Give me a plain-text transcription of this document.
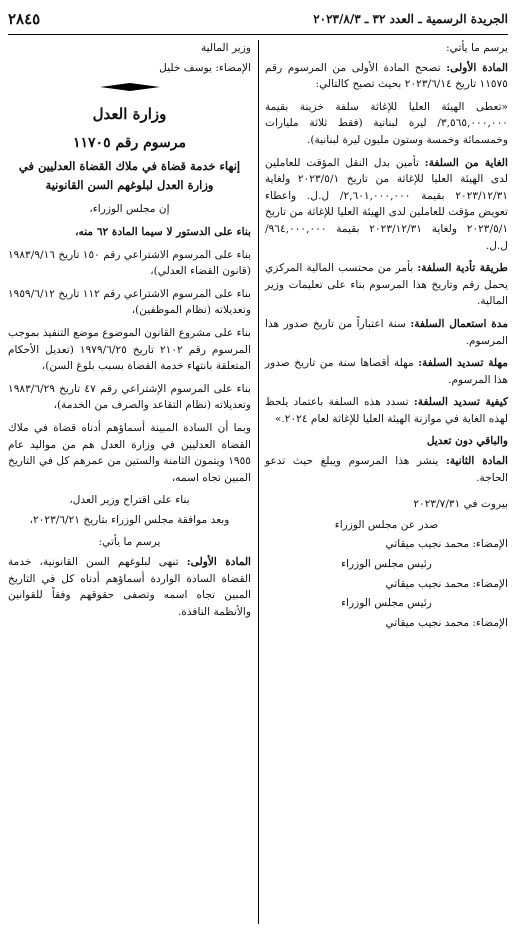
الجريدة الرسمية ـ العدد ٣٢ ـ ٢٠٢٣/٨/٣
٢٨٤٥

يرسم ما يأتي:

المادة الأولى: تصحح المادة الأولى من المرسوم رقم ١١٥٧٥ تاريخ ٢٠٢٣/٦/١٤ بحيث تصبح كالتالي:

«تعطى الهيئة العليا للإغاثة سلفة خزينة بقيمة ٣,٥٦٥,٠٠٠,٠٠٠/ ليرة لبنانية (فقط ثلاثة مليارات وخمسمائة وخمسة وستون مليون ليرة لبنانية).

الغاية من السلفة: تأمين بدل النقل المؤقت للعاملين لدى الهيئة العليا للإغاثة من تاريخ ٢٠٢٣/٥/١ ولغاية ٢٠٢٣/١٢/٣١ بقيمة ٢,٦٠١,٠٠٠,٠٠٠/ ل.ل. واعطاء تعويض مؤقت للعاملين لدى الهيئة العليا للإغاثة من تاريخ ٢٠٢٣/٥/١ ولغاية ٢٠٢٣/١٢/٣١ بقيمة ٩٦٤,٠٠٠,٠٠٠/ ل.ل.

طريقة تأدية السلفة: بأمر من محتسب المالية المركزي يحمل رقم وتاريخ هذا المرسوم بناء على تعليمات وزير المالية.

مدة استعمال السلفة: سنة اعتباراً من تاريخ صدور هذا المرسوم.

مهلة تسديد السلفة: مهلة أقصاها سنة من تاريخ صدور هذا المرسوم.

كيفية تسديد السلفة: تسدد هذه السلفة باعتماد يلحظ لهذه الغاية في موازنة الهيئة العليا للإغاثة لعام ٢٠٢٤.»

والباقي دون تعديل

المادة الثانية: ينشر هذا المرسوم ويبلغ حيث تدعو الحاجة.

بيروت في ٢٠٢٣/٧/٣١

صدر عن مجلس الوزراء

الإمضاء: محمد نجيب ميقاتي

رئيس مجلس الوزراء

الإمضاء: محمد نجيب ميقاتي

رئيس مجلس الوزراء

الإمضاء: محمد نجيب ميقاتي

وزير المالية

الإمضاء: يوسف خليل

وزارة العدل
مرسوم رقم ١١٧٠٥
إنهاء خدمة قضاة في ملاك القضاة العدليين في وزارة العدل لبلوغهم السن القانونية

إن مجلس الوزراء،

بناء على الدستور لا سيما المادة ٦٢ منه،

بناء على المرسوم الاشتراعي رقم ١٥٠ تاريخ ١٩٨٣/٩/١٦ (قانون القضاء العدلي)،

بناء على المرسوم الاشتراعي رقم ١١٢ تاريخ ١٩٥٩/٦/١٢ وتعديلاته (نظام الموظفين)،

بناء على مشروع القانون الموضوع موضع التنفيذ بموجب المرسوم رقم ٢١٠٢ تاريخ ١٩٧٩/٦/٢٥ (تعديل الأحكام المتعلقة بانتهاء خدمة القضاة بسبب بلوغ السن)،

بناء على المرسوم الإشتراعي رقم ٤٧ تاريخ ١٩٨٣/٦/٢٩ وتعديلاته (نظام التقاعد والصرف من الخدمة)،

وبما أن السادة المبينة أسماؤهم أدناه قضاة في ملاك القضاة العدليين في وزارة العدل هم من مواليد عام ١٩٥٥ ويتمون الثامنة والستين من عمرهم كل في التاريخ المبين تجاه اسمه،

بناء على اقتراح وزير العدل،

وبعد موافقة مجلس الوزراء بتاريخ ٢٠٢٣/٦/٢١،

يرسم ما يأتي:

المادة الأولى: تنهى لبلوغهم السن القانونية، خدمة القضاة السادة الواردة أسماؤهم أدناه كل في التاريخ المبين تجاه اسمه وتصفى حقوقهم وفقاً للقوانين والأنظمة النافذة.
